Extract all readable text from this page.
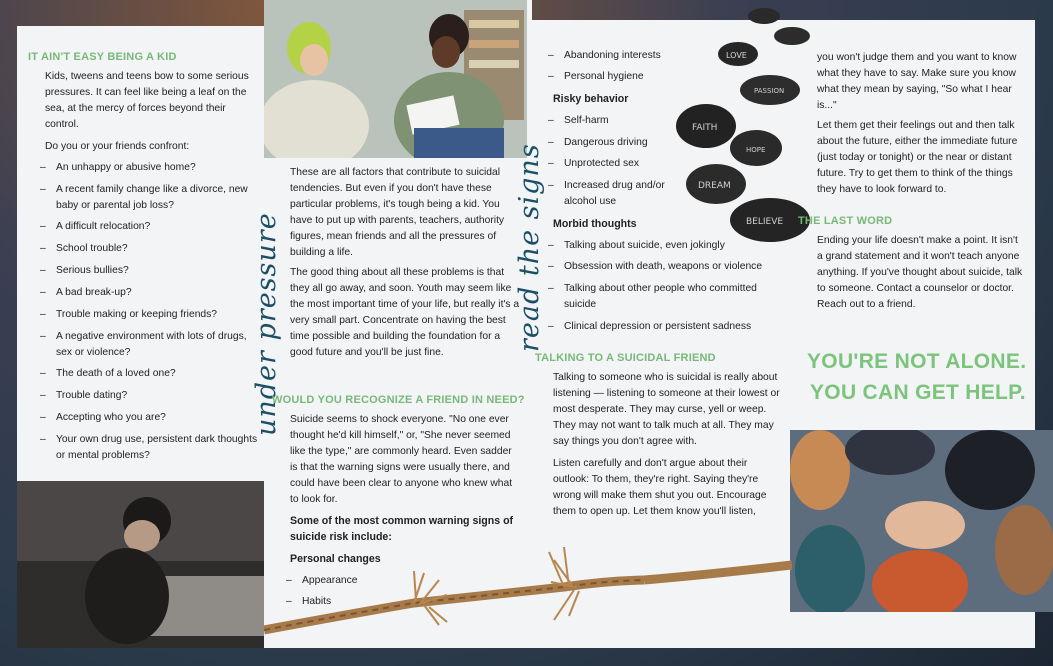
LOVE
PASSION
FAITH
HOPE
DREAM
BELIEVE
IT AIN'T EASY BEING A KID
Kids, tweens and teens bow to some serious pressures. It can feel like being a leaf on the sea, at the mercy of forces beyond their control.
Do you or your friends confront:
– An unhappy or abusive home?
– A recent family change like a divorce, new baby or parental job loss?
– A difficult relocation?
– School trouble?
– Serious bullies?
– A bad break-up?
– Trouble making or keeping friends?
– A negative environment with lots of drugs, sex or violence?
– The death of a loved one?
– Trouble dating?
– Accepting who you are?
– Your own drug use, persistent dark thoughts or mental problems?
under pressure
These are all factors that contribute to suicidal tendencies. But even if you don't have these particular problems, it's tough being a kid. You have to put up with parents, teachers, authority figures, mean friends and all the pressures of building a life.
The good thing about all these problems is that they all go away, and soon. Youth may seem like the most important time of your life, but really it's a very small part. Concentrate on having the best time possible and building the foundation for a good future and you'll be just fine.
WOULD YOU RECOGNIZE A FRIEND IN NEED?
Suicide seems to shock everyone. "No one ever thought he'd kill himself," or, "She never seemed like the type," are commonly heard. Even sadder is that the warning signs were usually there, and could have been clear to anyone who knew what to look for.
Some of the most common warning signs of suicide risk include:
Personal changes
– Appearance
– Habits
read the signs
– Abandoning interests
– Personal hygiene
Risky behavior
– Self-harm
– Dangerous driving
– Unprotected sex
– Increased drug and/or alcohol use
Morbid thoughts
– Talking about suicide, even jokingly
– Obsession with death, weapons or violence
– Talking about other people who committed suicide
– Clinical depression or persistent sadness
TALKING TO A SUICIDAL FRIEND
Talking to someone who is suicidal is really about listening — listening to someone at their lowest or most desperate. They may curse, yell or weep. They may not want to talk much at all. They may say things you don't agree with.
Listen carefully and don't argue about their outlook: To them, they're right. Saying they're wrong will make them shut you out. Encourage them to open up. Let them know you'll listen,
you won't judge them and you want to know what they have to say. Make sure you know what they mean by saying, "So what I hear is..."
Let them get their feelings out and then talk about the future, either the immediate future (just today or tonight) or the near or distant future. Try to get them to think of the things they have to look forward to.
THE LAST WORD
Ending your life doesn't make a point. It isn't a grand statement and it won't teach anyone anything. If you've thought about suicide, talk to someone. Contact a counselor or doctor. Reach out to a friend.
YOU'RE NOT ALONE.
YOU CAN GET HELP.
